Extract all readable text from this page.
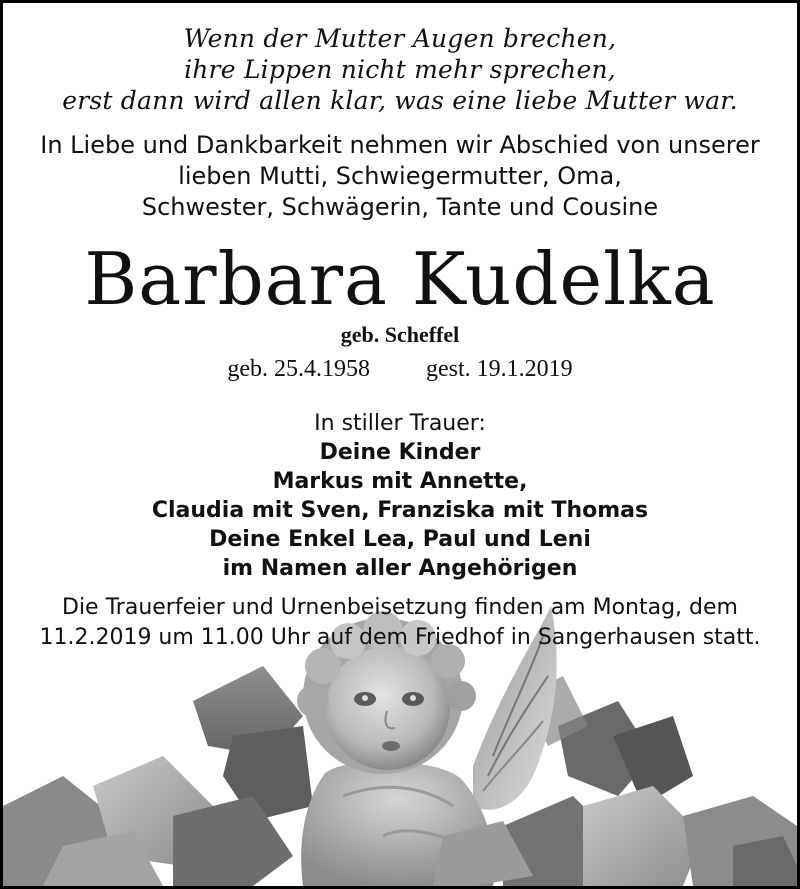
Wenn der Mutter Augen brechen,
ihre Lippen nicht mehr sprechen,
erst dann wird allen klar, was eine liebe Mutter war.
In Liebe und Dankbarkeit nehmen wir Abschied von unserer
lieben Mutti, Schwiegermutter, Oma,
Schwester, Schwägerin, Tante und Cousine
Barbara Kudelka
geb. Scheffel
geb. 25.4.1958 gest. 19.1.2019
In stiller Trauer:
Deine Kinder
Markus mit Annette,
Claudia mit Sven, Franziska mit Thomas
Deine Enkel Lea, Paul und Leni
im Namen aller Angehörigen
Die Trauerfeier und Urnenbeisetzung finden am Montag, dem
11.2.2019 um 11.00 Uhr auf dem Friedhof in Sangerhausen statt.
